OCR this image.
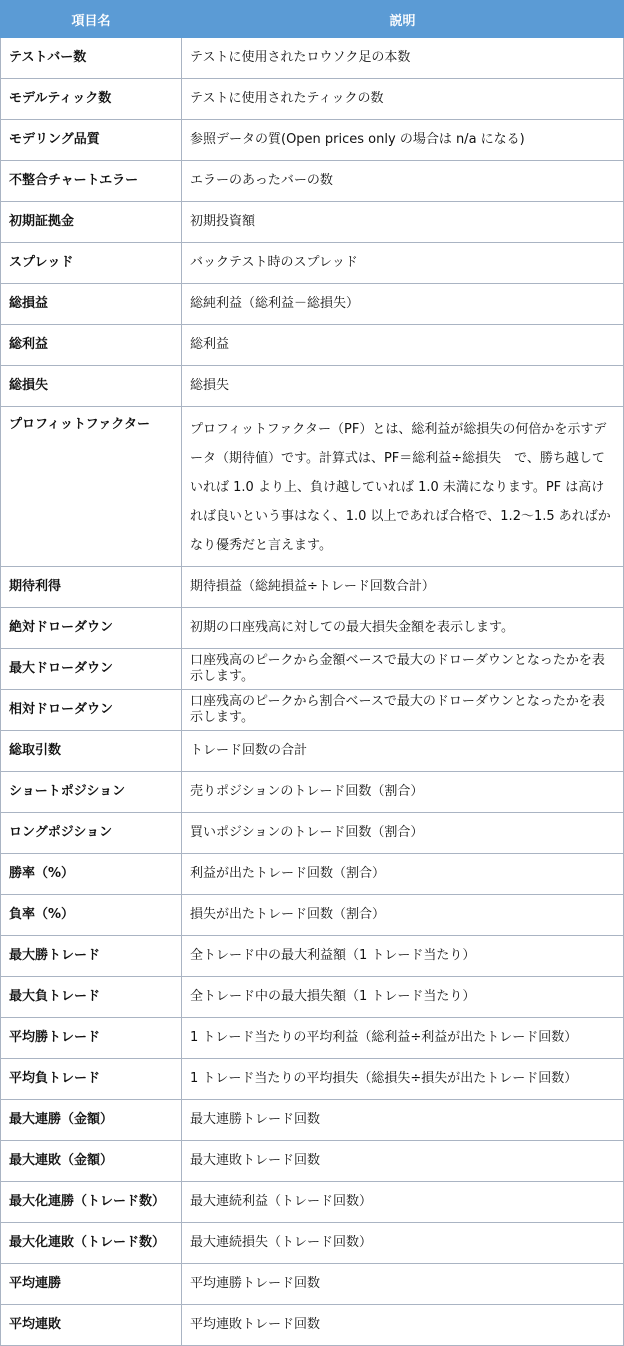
項目名	説明
テストバー数	テストに使用されたロウソク足の本数
モデルティック数	テストに使用されたティックの数
モデリング品質	参照データの質(Open prices only の場合は n/a になる)
不整合チャートエラー	エラーのあったバーの数
初期証拠金	初期投資額
スプレッド	バックテスト時のスプレッド
総損益	総純利益（総利益－総損失）
総利益	総利益
総損失	総損失
プロフィットファクター	プロフィットファクター（PF）とは、総利益が総損失の何倍かを示すデータ（期待値）です。計算式は、PF＝総利益÷総損失　で、勝ち越していれば 1.0 より上、負け越していれば 1.0 未満になります。PF は高ければ良いという事はなく、1.0 以上であれば合格で、1.2〜1.5 あればかなり優秀だと言えます。
期待利得	期待損益（総純損益÷トレード回数合計）
絶対ドローダウン	初期の口座残高に対しての最大損失金額を表示します。
最大ドローダウン	口座残高のピークから金額ベースで最大のドローダウンとなったかを表示します。
相対ドローダウン	口座残高のピークから割合ベースで最大のドローダウンとなったかを表示します。
総取引数	トレード回数の合計
ショートポジション	売りポジションのトレード回数（割合）
ロングポジション	買いポジションのトレード回数（割合）
勝率（%）	利益が出たトレード回数（割合）
負率（%）	損失が出たトレード回数（割合）
最大勝トレード	全トレード中の最大利益額（1 トレード当たり）
最大負トレード	全トレード中の最大損失額（1 トレード当たり）
平均勝トレード	1 トレード当たりの平均利益（総利益÷利益が出たトレード回数）
平均負トレード	1 トレード当たりの平均損失（総損失÷損失が出たトレード回数）
最大連勝（金額）	最大連勝トレード回数
最大連敗（金額）	最大連敗トレード回数
最大化連勝（トレード数）	最大連続利益（トレード回数）
最大化連敗（トレード数）	最大連続損失（トレード回数）
平均連勝	平均連勝トレード回数
平均連敗	平均連敗トレード回数
